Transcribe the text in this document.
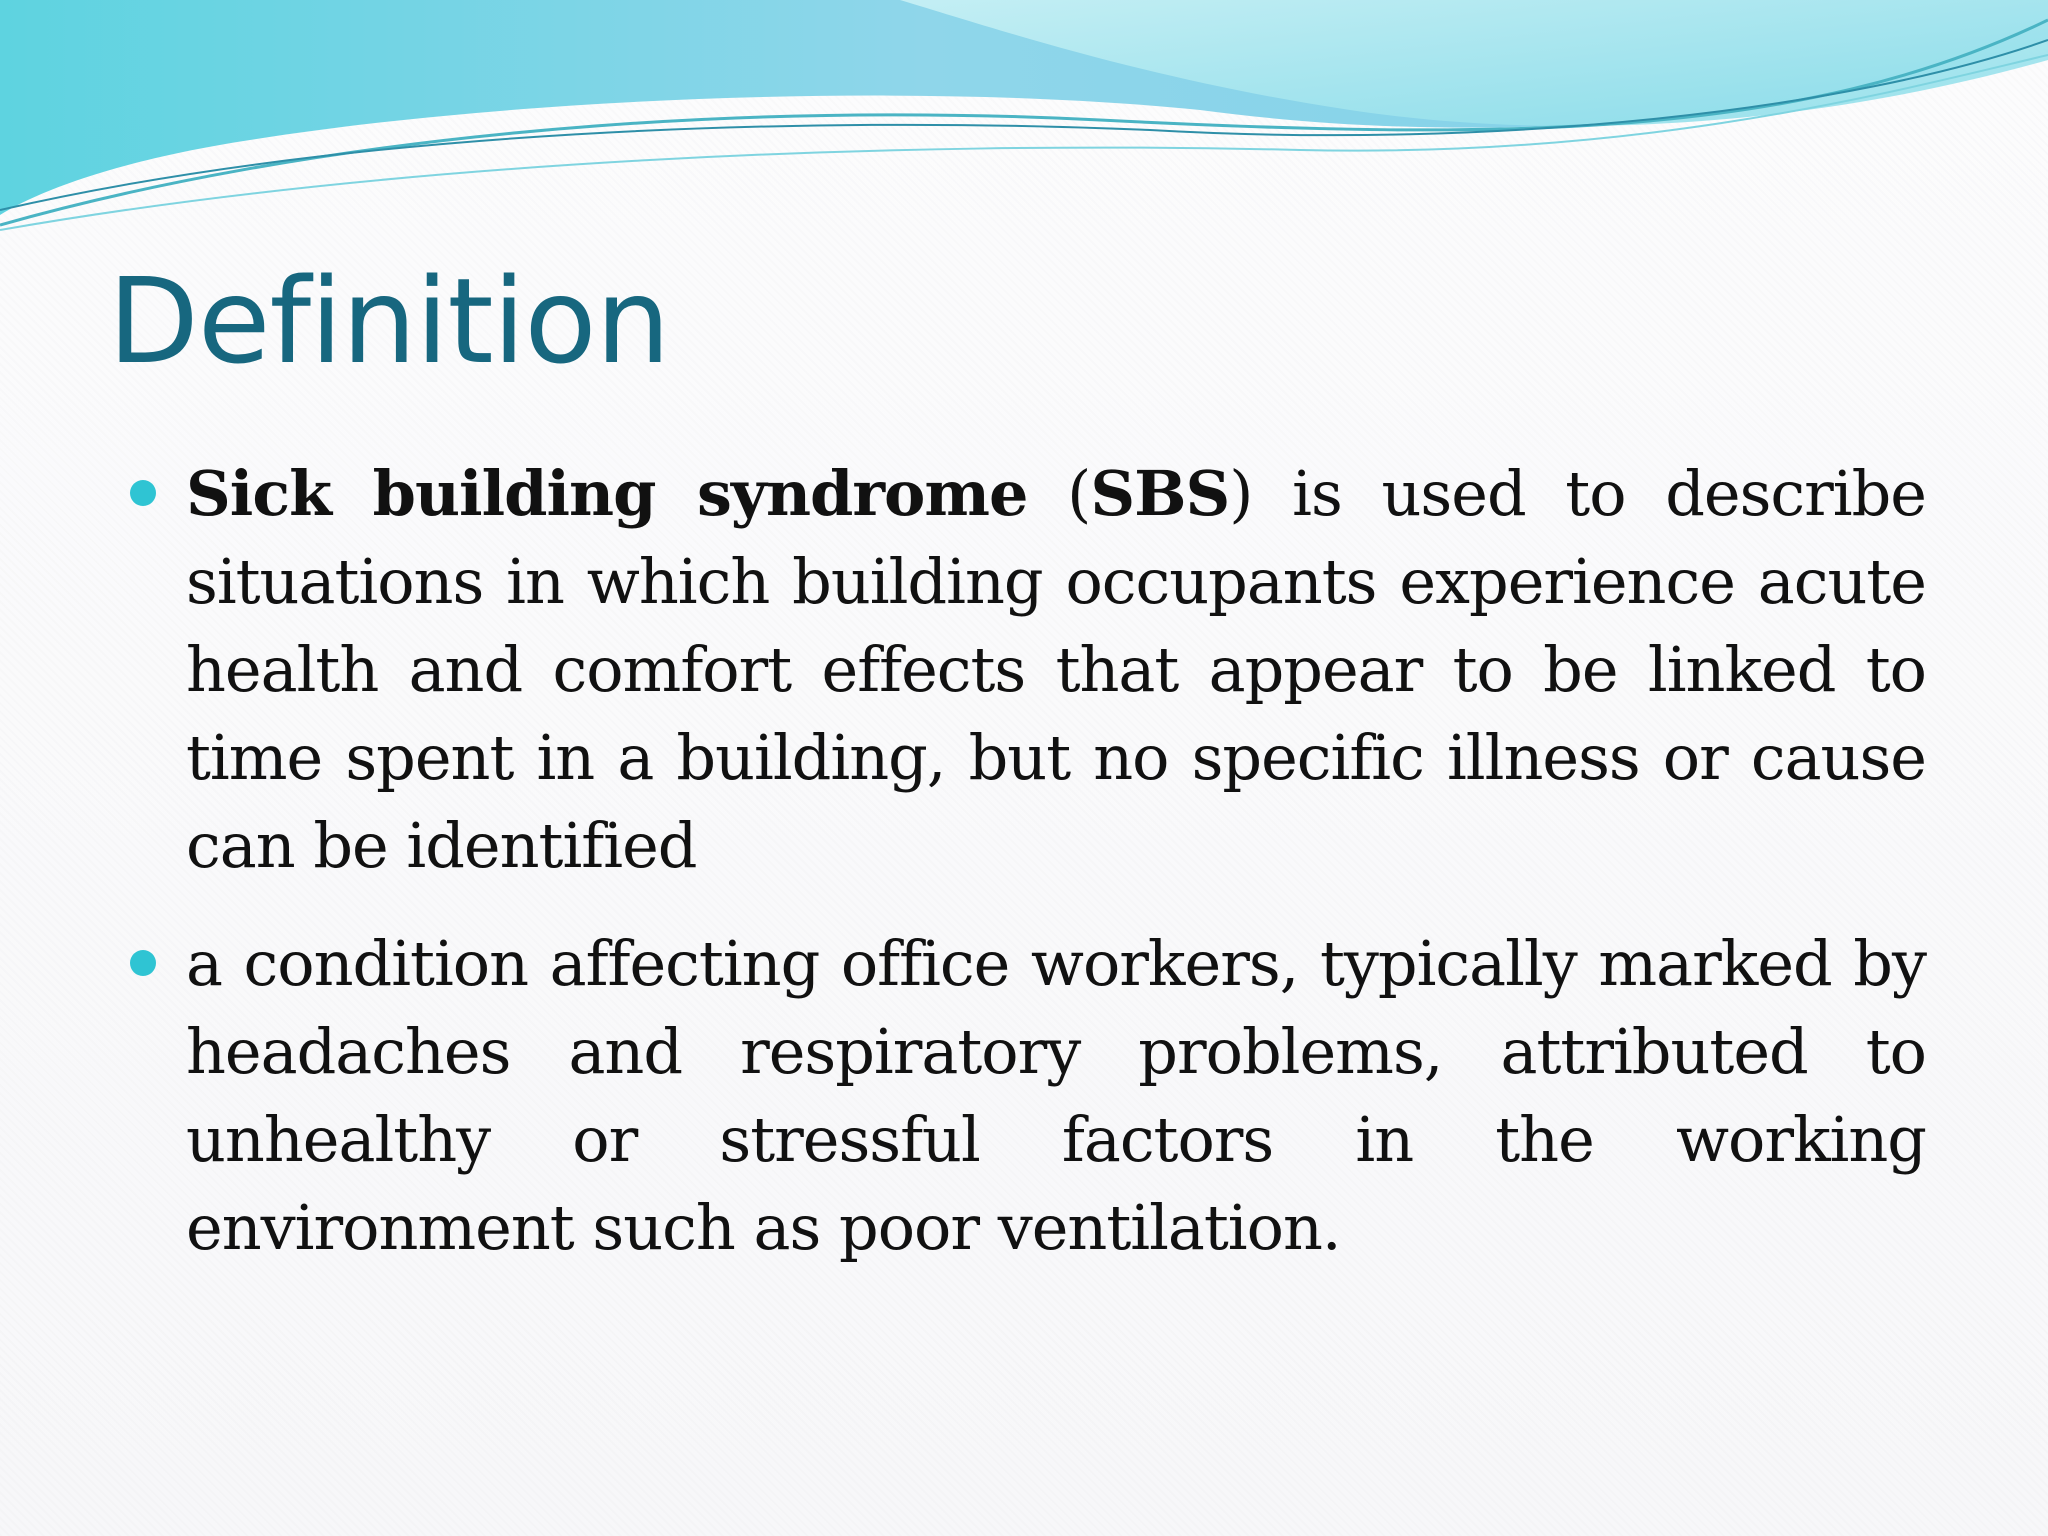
Definition

Sick building syndrome (SBS) is used to describe situations in which building occupants experience acute health and comfort effects that appear to be linked to time spent in a building, but no specific illness or cause can be identified

a condition affecting office workers, typically marked by headaches and respiratory problems, attributed to unhealthy or stressful factors in the working environment such as poor ventilation.
